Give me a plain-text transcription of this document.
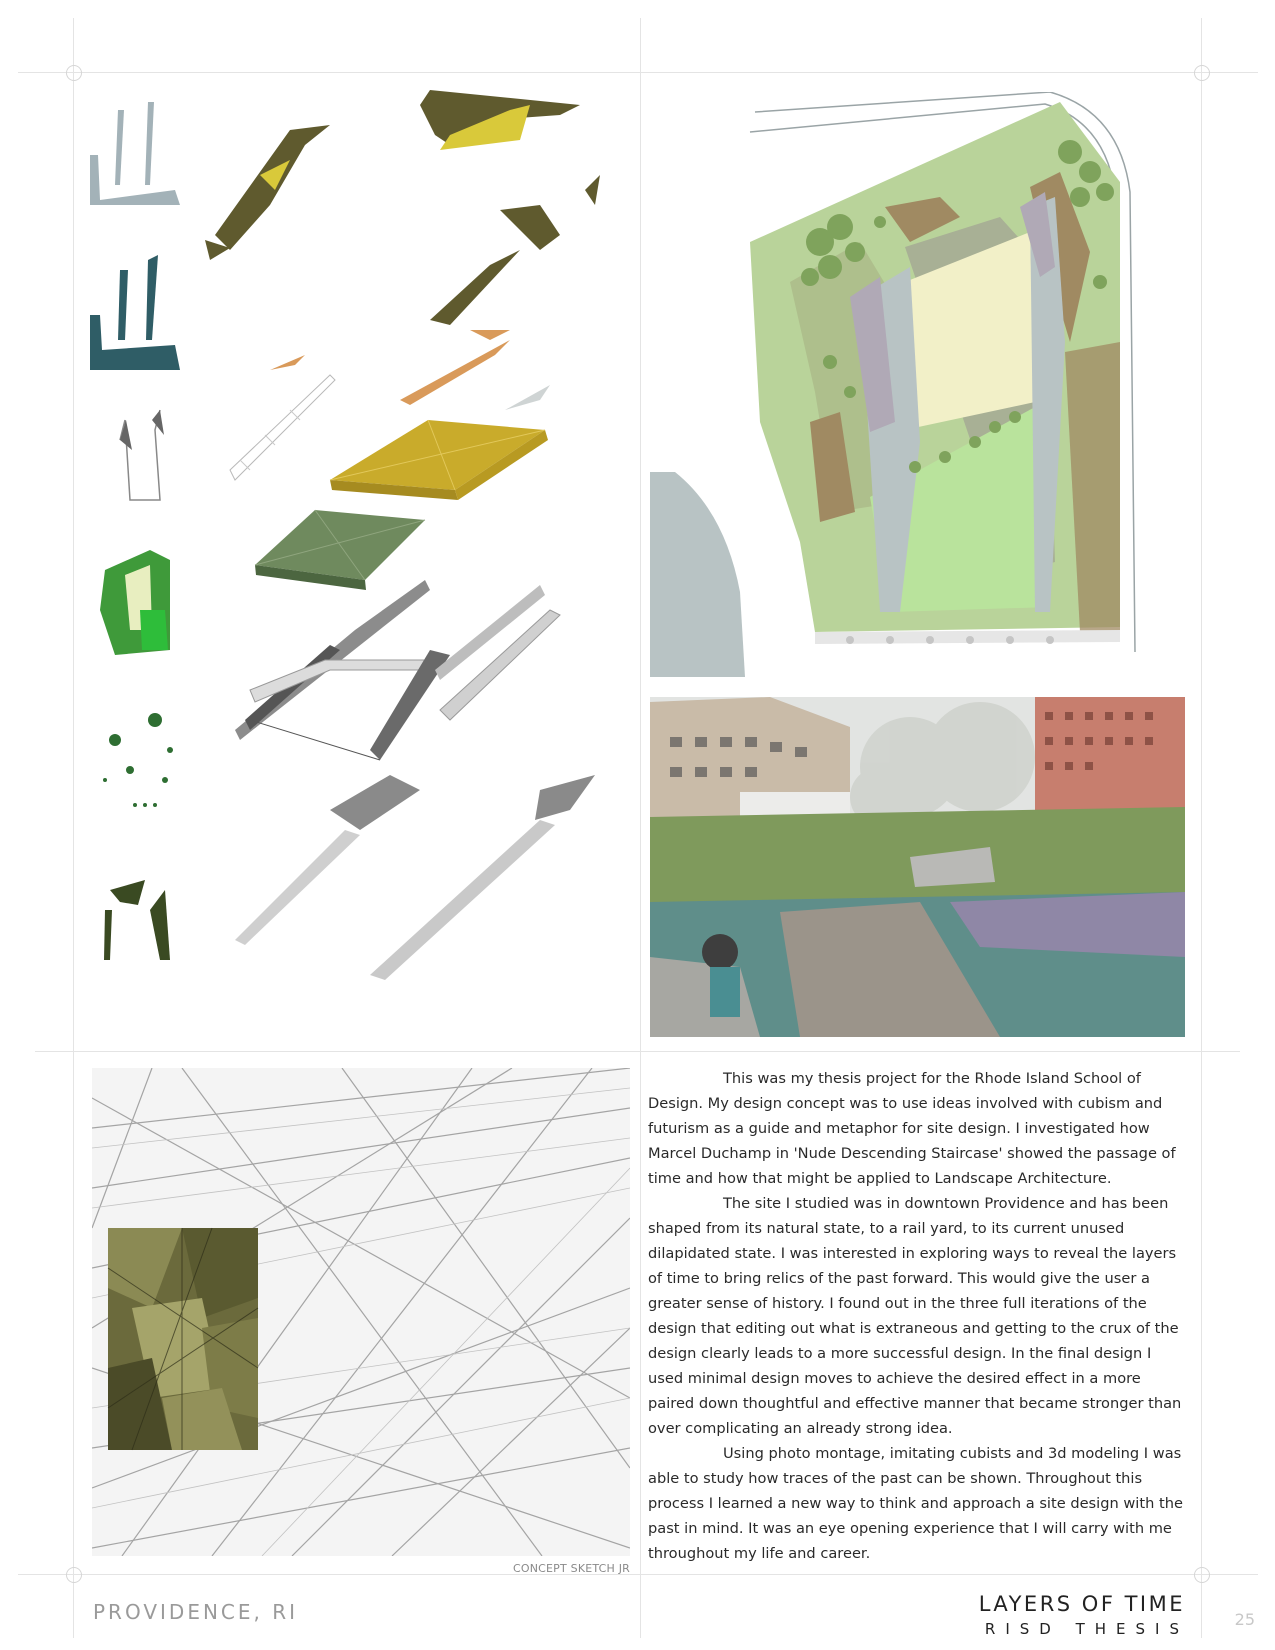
CONCEPT SKETCH JR

This was my thesis project for the Rhode Island School of Design. My design concept was to use ideas involved with cubism and futurism as a guide and metaphor for site design. I investigated how Marcel Duchamp in 'Nude Descending Staircase' showed the passage of time and how that might be applied to Landscape Architecture.

The site I studied was in downtown Providence and has been shaped from its natural state, to a rail yard, to its current unused dilapidated state. I was interested in exploring ways to reveal the layers of time to bring relics of the past forward. This would give the user a greater sense of history. I found out in the three full iterations of the design that editing out what is extraneous and getting to the crux of the design clearly leads to a more successful design. In the final design I used minimal design moves to achieve the desired effect in a more paired down thoughtful and effective manner that became stronger than over complicating an already strong idea.

Using photo montage, imitating cubists and 3d modeling I was able to study how traces of the past can be shown. Throughout this process I learned a new way to think and approach a site design with the past in mind. It was an eye opening experience that I will carry with me throughout my life and career.

PROVIDENCE, RI	LAYERS OF TIME
RISD THESIS	25
